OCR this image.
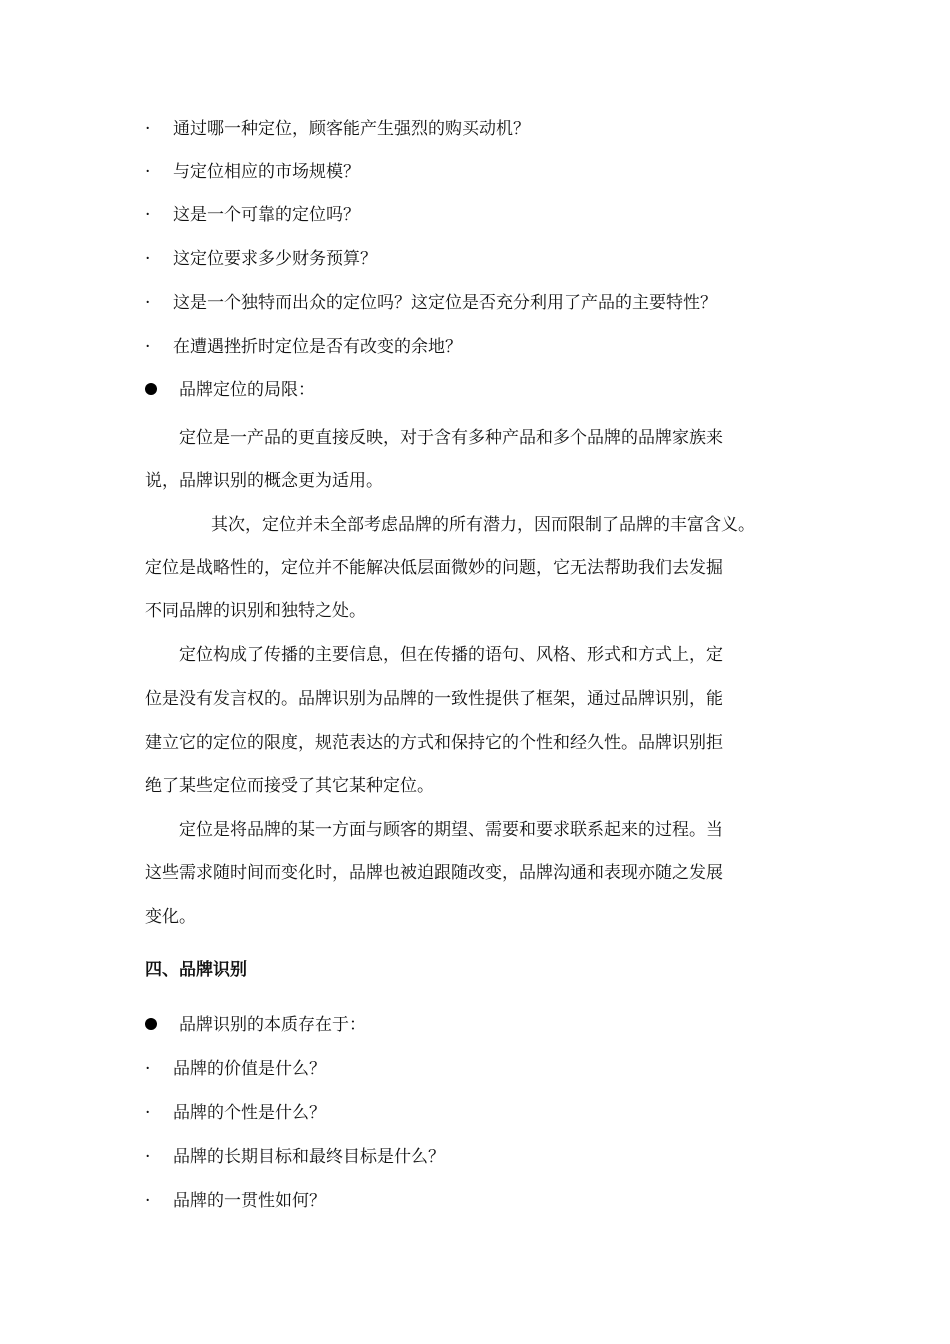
· 通过哪一种定位，顾客能产生强烈的购买动机？
· 与定位相应的市场规模？
· 这是一个可靠的定位吗？
· 这定位要求多少财务预算？
· 这是一个独特而出众的定位吗？这定位是否充分利用了产品的主要特性？
· 在遭遇挫折时定位是否有改变的余地？
品牌定位的局限：
定位是一产品的更直接反映，对于含有多种产品和多个品牌的品牌家族来
说，品牌识别的概念更为适用。
其次，定位并未全部考虑品牌的所有潜力，因而限制了品牌的丰富含义。
定位是战略性的，定位并不能解决低层面微妙的问题，它无法帮助我们去发掘
不同品牌的识别和独特之处。
定位构成了传播的主要信息，但在传播的语句、风格、形式和方式上，定
位是没有发言权的。品牌识别为品牌的一致性提供了框架，通过品牌识别，能
建立它的定位的限度，规范表达的方式和保持它的个性和经久性。品牌识别拒
绝了某些定位而接受了其它某种定位。
定位是将品牌的某一方面与顾客的期望、需要和要求联系起来的过程。当
这些需求随时间而变化时，品牌也被迫跟随改变，品牌沟通和表现亦随之发展
变化。
四、品牌识别
品牌识别的本质存在于：
· 品牌的价值是什么？
· 品牌的个性是什么？
· 品牌的长期目标和最终目标是什么？
· 品牌的一贯性如何？
